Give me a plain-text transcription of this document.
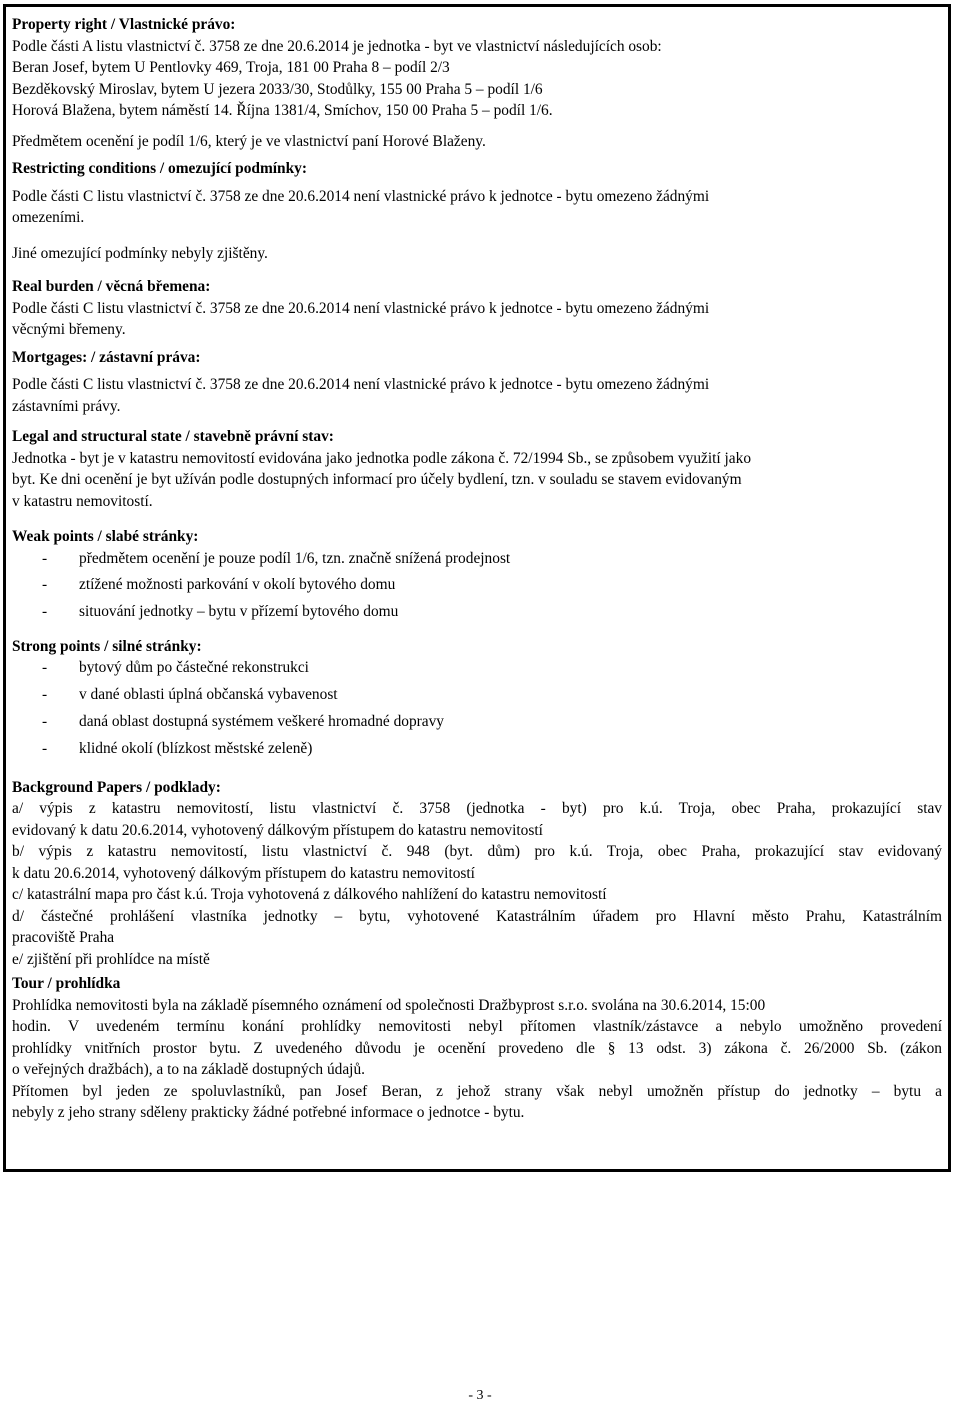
Property right / Vlastnické právo:

Podle části A listu vlastnictví č. 3758 ze dne 20.6.2014 je jednotka - byt ve vlastnictví následujících osob:

Beran Josef, bytem U Pentlovky 469, Troja, 181 00 Praha 8 – podíl 2/3

Bezděkovský Miroslav, bytem U jezera 2033/30, Stodůlky, 155 00 Praha 5 – podíl 1/6

Horová Blažena, bytem náměstí 14. Října 1381/4, Smíchov, 150 00 Praha 5 – podíl 1/6.

Předmětem ocenění je podíl 1/6, který je ve vlastnictví paní Horové Blaženy.

Restricting conditions / omezující podmínky:

Podle části C listu vlastnictví č. 3758 ze dne 20.6.2014 není vlastnické právo k jednotce - bytu omezeno žádnými

omezeními.

Jiné omezující podmínky nebyly zjištěny.

Real burden / věcná břemena:

Podle části C listu vlastnictví č. 3758 ze dne 20.6.2014 není vlastnické právo k jednotce - bytu omezeno žádnými

věcnými břemeny.

Mortgages: / zástavní práva:

Podle části C listu vlastnictví č. 3758 ze dne 20.6.2014 není vlastnické právo k jednotce - bytu omezeno žádnými

zástavními právy.

Legal and structural state / stavebně právní stav:

Jednotka - byt je v katastru nemovitostí evidována jako jednotka podle zákona č. 72/1994 Sb., se způsobem využití jako

byt. Ke dni ocenění je byt užíván podle dostupných informací pro účely bydlení, tzn. v souladu se stavem evidovaným

v katastru nemovitostí.

Weak points / slabé stránky:

-	předmětem ocenění je pouze podíl 1/6, tzn. značně snížená prodejnost
-	ztížené možnosti parkování v okolí bytového domu
-	situování jednotky – bytu v přízemí bytového domu

Strong points / silné stránky:

-	bytový dům po částečné rekonstrukci
-	v dané oblasti úplná občanská vybavenost
-	daná oblast dostupná systémem veškeré hromadné dopravy
-	klidné okolí (blízkost městské zeleně)

Background Papers / podklady:

a/ výpis z katastru nemovitostí, listu vlastnictví č. 3758 (jednotka - byt) pro k.ú. Troja, obec Praha, prokazující stav

evidovaný k datu 20.6.2014, vyhotovený dálkovým přístupem do katastru nemovitostí

b/ výpis z katastru nemovitostí, listu vlastnictví č. 948 (byt. dům) pro k.ú. Troja, obec Praha, prokazující stav evidovaný

k datu 20.6.2014, vyhotovený dálkovým přístupem do katastru nemovitostí

c/ katastrální mapa pro část k.ú. Troja vyhotovená z dálkového nahlížení do katastru nemovitostí

d/ částečné prohlášení vlastníka jednotky – bytu, vyhotovené Katastrálním úřadem pro Hlavní město Prahu, Katastrálním

pracoviště Praha

e/ zjištění při prohlídce na místě

Tour / prohlídka

Prohlídka nemovitosti byla na základě písemného oznámení od společnosti Dražbyprost s.r.o. svolána na 30.6.2014, 15:00

hodin. V uvedeném termínu konání prohlídky nemovitosti nebyl přítomen vlastník/zástavce a nebylo umožněno provedení

prohlídky vnitřních prostor bytu. Z uvedeného důvodu je ocenění provedeno dle § 13 odst. 3) zákona č. 26/2000 Sb. (zákon

o veřejných dražbách), a to na základě dostupných údajů.

Přítomen byl jeden ze spoluvlastníků, pan Josef Beran, z jehož strany však nebyl umožněn přístup do jednotky – bytu a

nebyly z jeho strany sděleny prakticky žádné potřebné informace o jednotce - bytu.

- 3 -
